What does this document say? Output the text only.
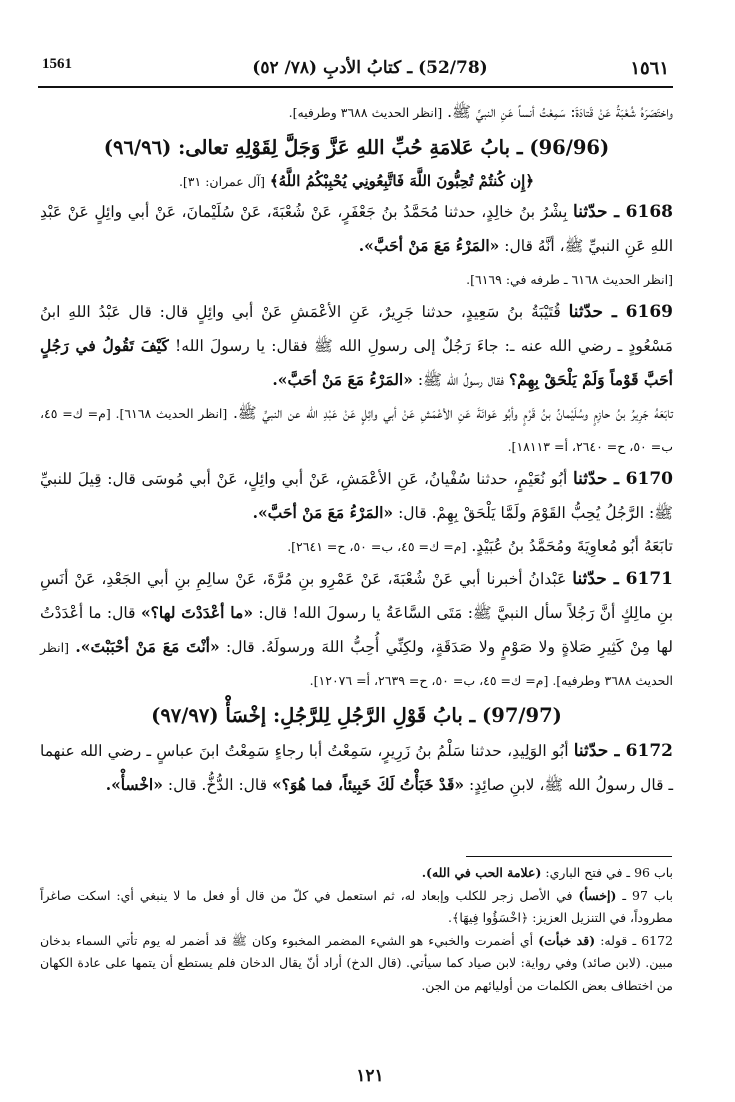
1561	(52/78) ـ كتابُ الأدبِ (٧٨/ ٥٢)	١٥٦١

واختَصَرَهُ شُعْبَةُ عَنْ قَتادَةَ: سَمِعْتُ أنساً عَنِ النبيِّ ﷺ. [انظر الحديث ٣٦٨٨ وطرفيه].

(96/96) ـ بابُ عَلامَةِ حُبِّ اللهِ عَزَّ وَجَلَّ لِقَوْلِهِ تعالى: (٩٦/٩٦)

﴿إِن كُنتُمْ تُحِبُّونَ اللَّهَ فَاتَّبِعُونِي يُحْبِبْكُمُ اللَّهُ﴾ [آل عمران: ٣١].

6168 ـ حدّثنا بِشْرُ بنُ خالِدٍ، حدثنا مُحَمَّدُ بنُ جَعْفَرٍ، عَنْ شُعْبَةَ، عَنْ سُلَيْمانَ، عَنْ أبي وائِلٍ عَنْ عَبْدِ اللهِ عَنِ النبيِّ ﷺ، أنَّهُ قال: «المَرْءُ مَعَ مَنْ أحَبَّ».
[انظر الحديث ٦١٦٨ ـ طرفه في: ٦١٦٩].

6169 ـ حدّثنا قُتَيْبَةُ بنُ سَعِيدٍ، حدثنا جَرِيرٌ، عَنِ الأعْمَشِ عَنْ أبي وائِلٍ قال: قال عَبْدُ اللهِ ابنُ مَسْعُودٍ ـ رضي الله عنه ـ: جاءَ رَجُلٌ إلى رسولِ الله ﷺ فقال: يا رسولَ الله! كَيْفَ تَقُولُ في رَجُلٍ أحَبَّ قَوْماً وَلَمْ يَلْحَقْ بِهِمْ؟ فقال رسولُ الله ﷺ: «المَرْءُ مَعَ مَنْ أحَبَّ».

تابَعَهُ جَرِيرُ بنُ حازِمٍ وسُلَيْمانُ بنُ قَرْمٍ وأبُو عَوانَةَ عَنِ الأعْمَشِ عَنْ أبي وائِلٍ عَنْ عَبْدِ الله عن النبيِّ ﷺ. [انظر الحديث ٦١٦٨]. [م= ك= ٤٥، ب= ٥٠، ح= ٢٦٤٠، أ= ١٨١١٣].

6170 ـ حدّثنا أبُو نُعَيْمٍ، حدثنا سُفْيانُ، عَنِ الأعْمَشِ، عَنْ أبي وائِلٍ، عَنْ أبي مُوسَى قال: قِيلَ للنبيِّ ﷺ: الرَّجُلُ يُحِبُّ القَوْمَ ولَمَّا يَلْحَقْ بِهِمْ. قال: «المَرْءُ مَعَ مَنْ أحَبَّ».

تابَعَهُ أبُو مُعاوِيَةَ ومُحَمَّدُ بنُ عُبَيْدٍ. [م= ك= ٤٥، ب= ٥٠، ح= ٢٦٤١].

6171 ـ حدّثنا عَبْدانُ أخبرنا أبي عَنْ شُعْبَةَ، عَنْ عَمْرِو بنِ مُرَّةَ، عَنْ سالِمِ بنِ أبي الجَعْدِ، عَنْ أنَسِ بنِ مالِكٍ أنَّ رَجُلاً سأل النبيَّ ﷺ: مَتَى السَّاعَةُ يا رسولَ الله! قال: «ما أعْدَدْتَ لها؟» قال: ما أعْدَدْتُ لها مِنْ كَثِيرِ صَلاةٍ ولا صَوْمٍ ولا صَدَقَةٍ، ولكِنِّي أُحِبُّ اللهَ ورسولَهُ. قال: «أنْتَ مَعَ مَنْ أحْبَبْتَ». [انظر الحديث ٣٦٨٨ وطرفيه]. [م= ك= ٤٥، ب= ٥٠، ح= ٢٦٣٩، أ= ١٢٠٧٦].

(97/97) ـ بابُ قَوْلِ الرَّجُلِ لِلرَّجُلِ: إخْسَأْ (٩٧/٩٧)

6172 ـ حدّثنا أبُو الوَلِيدِ، حدثنا سَلْمُ بنُ زَرِيرٍ، سَمِعْتُ أبا رجاءٍ سَمِعْتُ ابنَ عباسٍ ـ رضي الله عنهما ـ قال رسولُ الله ﷺ، لابنِ صائِدٍ: «قَدْ خَبَأْتُ لَكَ خَبِيئاً، فما هُوَ؟» قال: الدُّخُّ. قال: «اخْسأْ».

باب 96 ـ في فتح الباري: (علامة الحب في الله).

باب 97 ـ (إخسأ) في الأصل زجر للكلب وإبعاد له، ثم استعمل في كلّ من قال أو فعل ما لا ينبغي أي: اسكت صاغراً مطروداً، في التنزيل العزيز: ﴿اخْسَؤُوا فِيهَا﴾.

6172 ـ قوله: (قد خبأت) أي أضمرت والخبيء هو الشيء المضمر المخبوء وكان ﷺ قد أضمر له يوم تأتي السماء بدخان مبين. (لابن صائد) وفي رواية: لابن صياد كما سيأتي. (قال الدخ) أراد أنّ يقال الدخان فلم يستطع أن يتمها على عادة الكهان من اختطاف بعض الكلمات من أوليائهم من الجن.

١٢١
